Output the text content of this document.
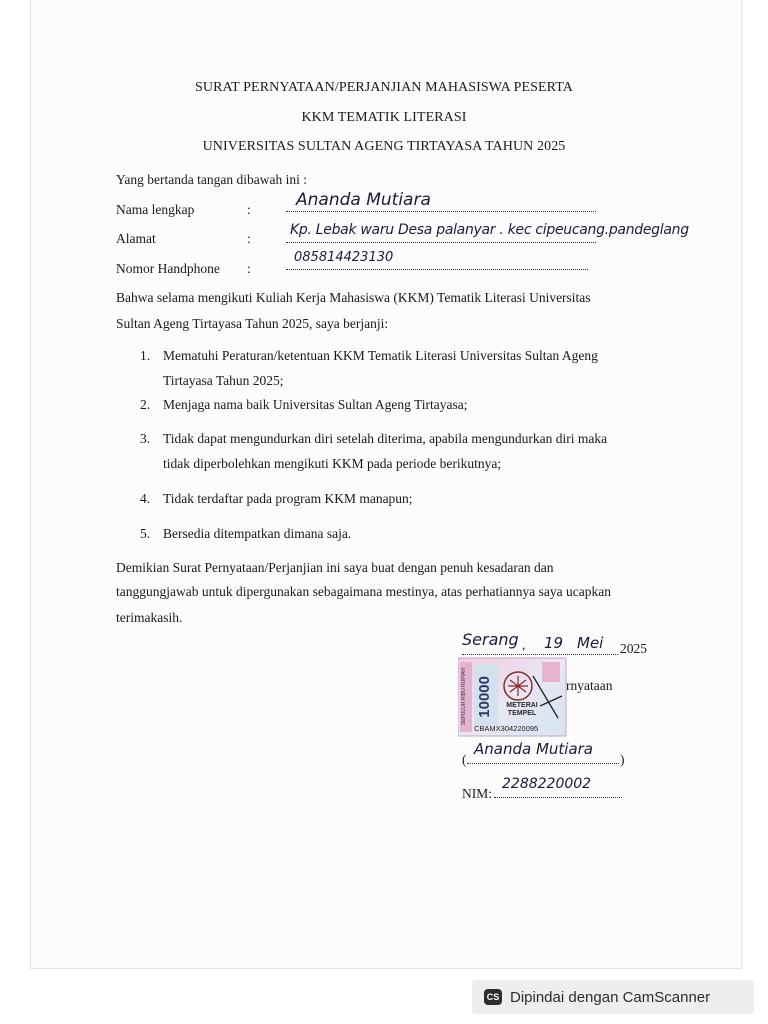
SURAT PERNYATAAN/PERJANJIAN MAHASISWA PESERTA
KKM TEMATIK LITERASI
UNIVERSITAS SULTAN AGENG TIRTAYASA TAHUN 2025
Yang bertanda tangan dibawah ini :
Nama lengkap	:	Ananda Mutiara
Alamat	:
Kp. Lebak waru Desa palanyar . kec cipeucang.pandeglang
Nomor Handphone :
085814423130
Bahwa selama mengikuti Kuliah Kerja Mahasiswa (KKM) Tematik Literasi Universitas
Sultan Ageng Tirtayasa Tahun 2025, saya berjanji:
1. Mematuhi Peraturan/ketentuan KKM Tematik Literasi Universitas Sultan Ageng
Tirtayasa Tahun 2025;
2. Menjaga nama baik Universitas Sultan Ageng Tirtayasa;
3. Tidak dapat mengundurkan diri setelah diterima, apabila mengundurkan diri maka
tidak diperbolehkan mengikuti KKM pada periode berikutnya;
4. Tidak terdaftar pada program KKM manapun;
5. Bersedia ditempatkan dimana saja.
Demikian Surat Pernyataan/Perjanjian ini saya buat dengan penuh kesadaran dan
tanggungjawab untuk dipergunakan sebagaimana mestinya, atas perhatiannya saya ucapkan
terimakasih.
Serang , 19 Mei 2025
rnyataan
SEPULUH RIBU RUPIAH 10000	METERAI TEMPEL
CBAMX304220095
(
Ananda Mutiara
)
NIM:
2288220002
CS Dipindai dengan CamScanner
